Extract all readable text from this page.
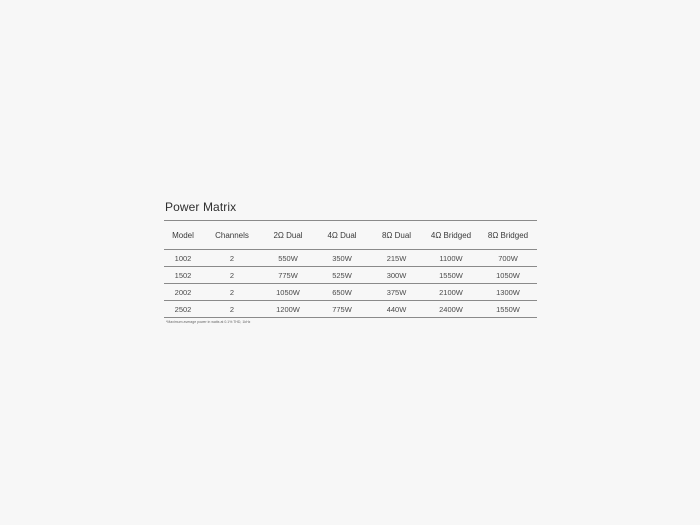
Power Matrix
Model	Channels	2Ω Dual	4Ω Dual	8Ω Dual	4Ω Bridged	8Ω Bridged
1002	2	550W	350W	215W	1100W	700W
1502	2	775W	525W	300W	1550W	1050W
2002	2	1050W	650W	375W	2100W	1300W
2502	2	1200W	775W	440W	2400W	1550W
*Maximum average power in watts at 0.1% THD, 1kHz
